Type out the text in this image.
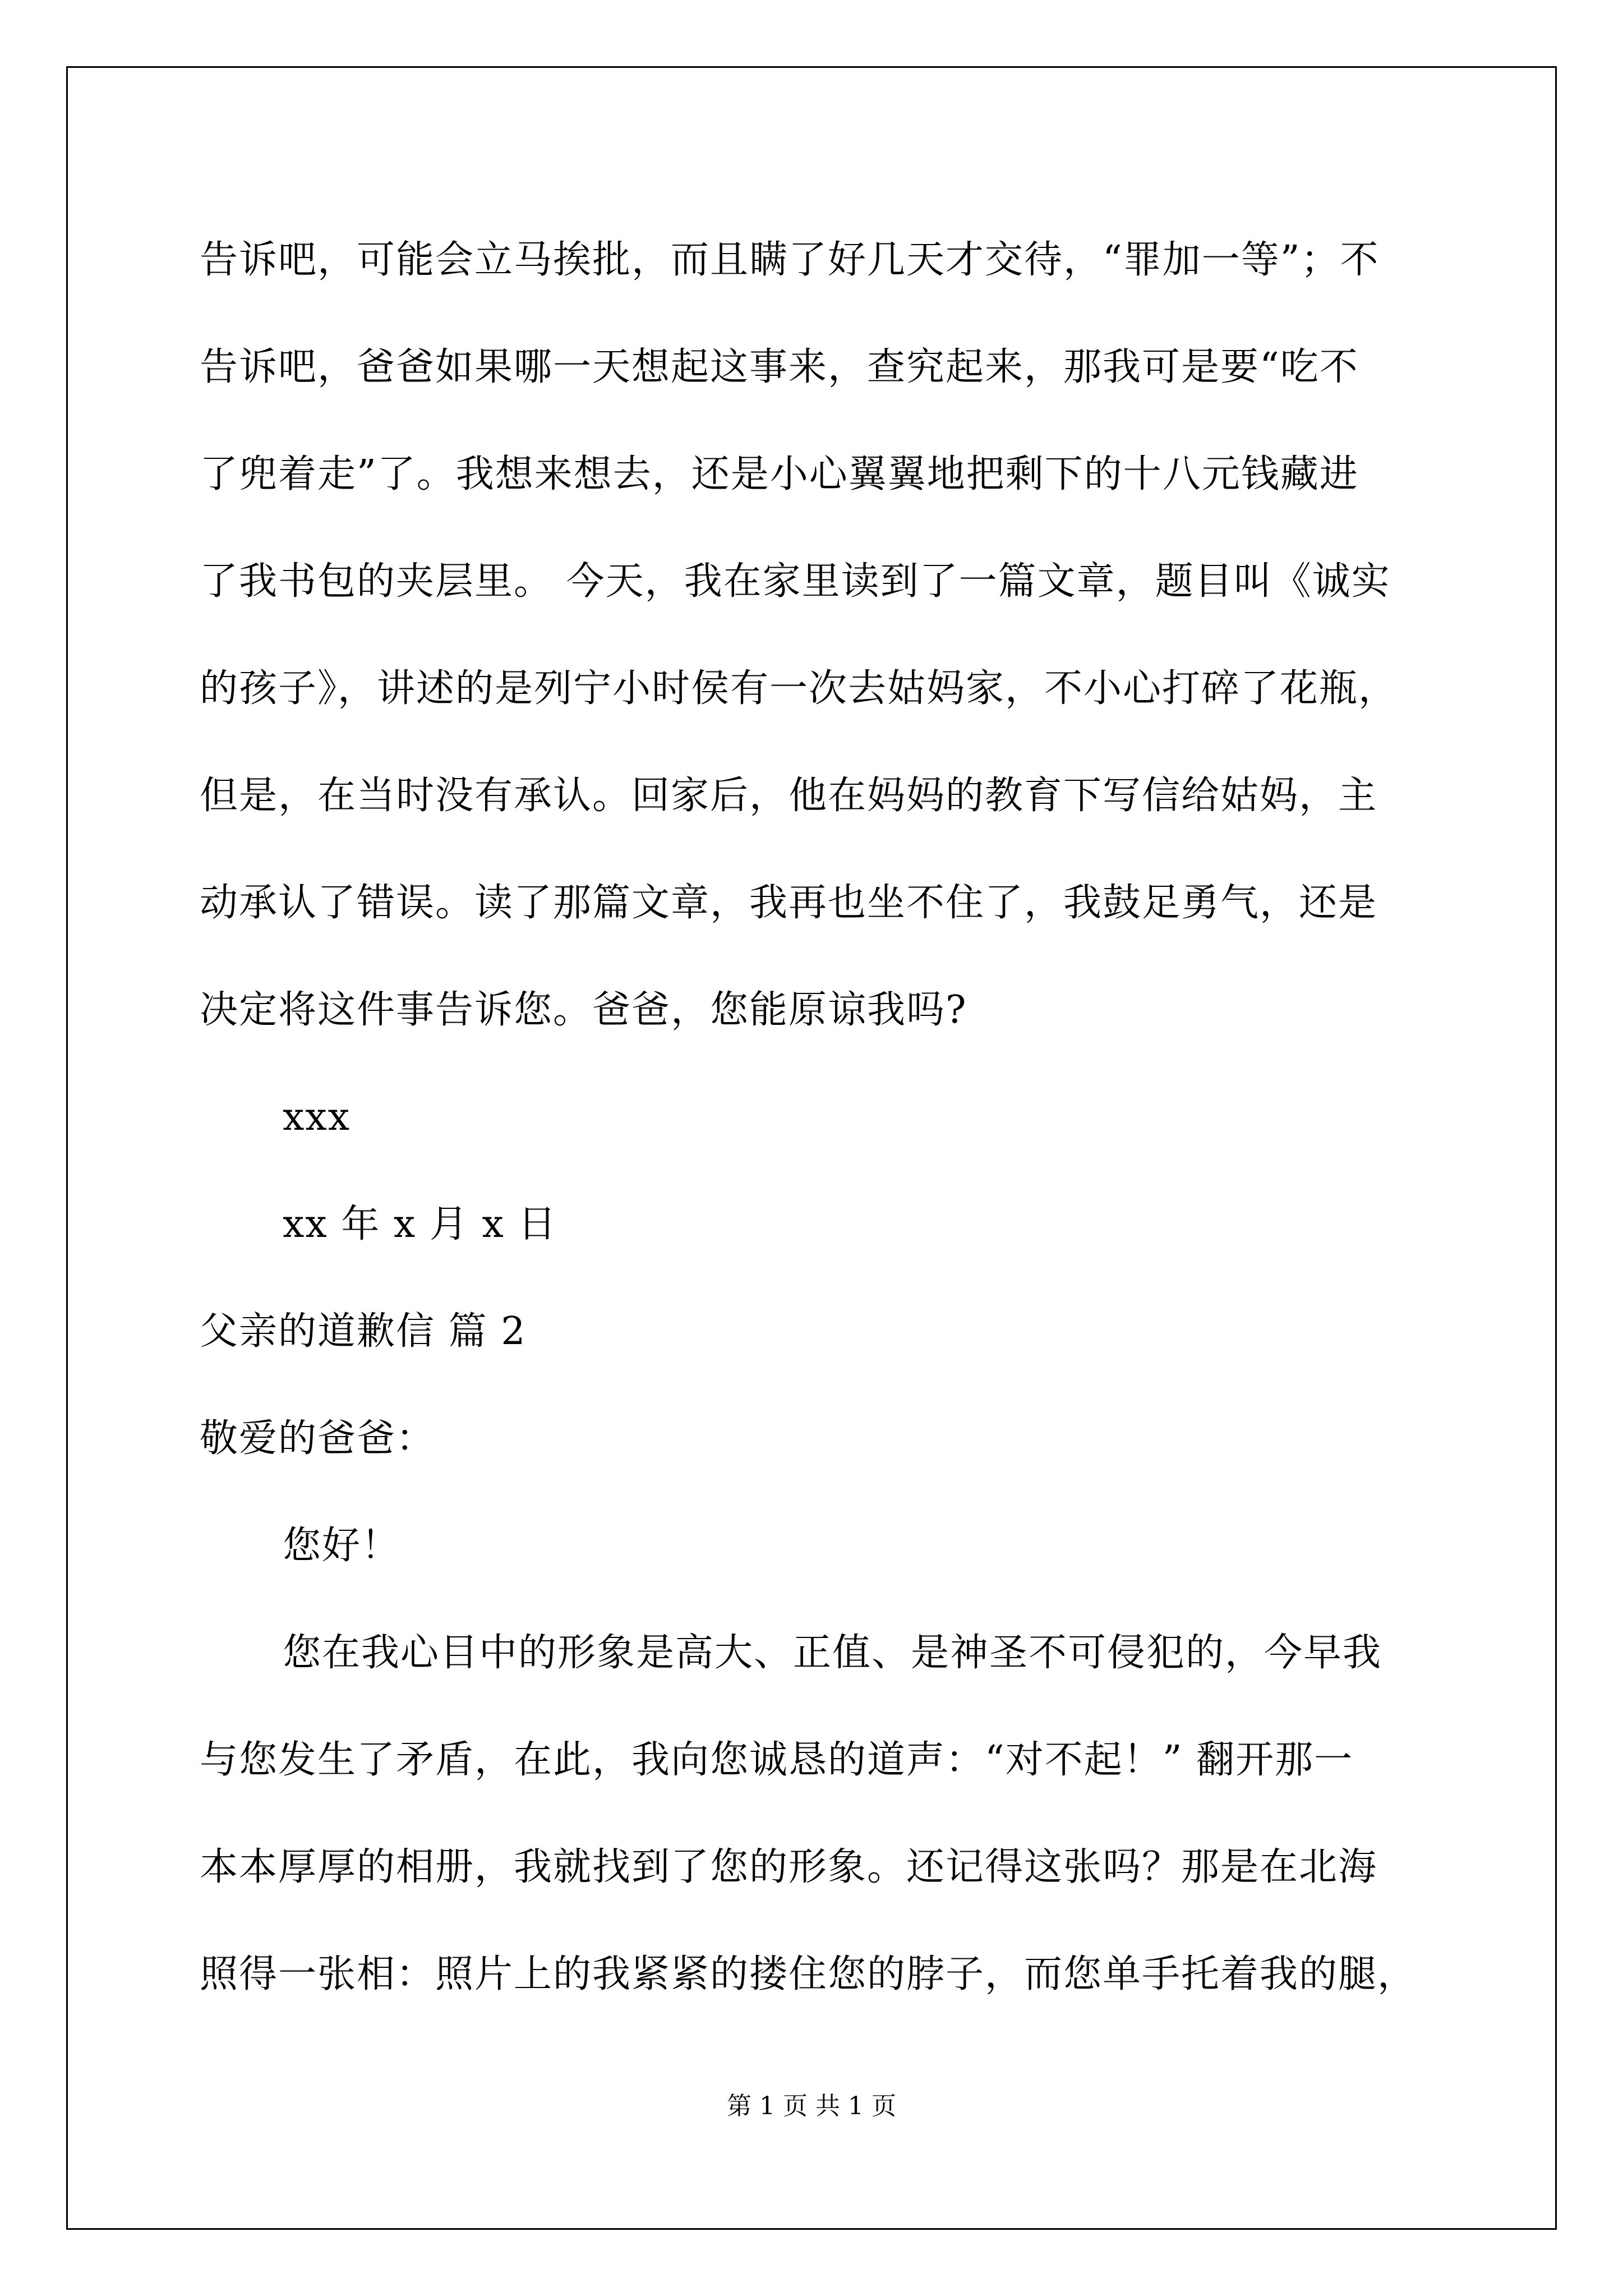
告诉吧，可能会立马挨批，而且瞒了好几天才交待，“罪加一等”；不
告诉吧，爸爸如果哪一天想起这事来，查究起来，那我可是要“吃不
了兜着走”了。我想来想去，还是小心翼翼地把剩下的十八元钱藏进
了我书包的夹层里。 今天，我在家里读到了一篇文章，题目叫《诚实
的孩子》，讲述的是列宁小时侯有一次去姑妈家，不小心打碎了花瓶，
但是，在当时没有承认。回家后，他在妈妈的教育下写信给姑妈，主
动承认了错误。读了那篇文章，我再也坐不住了，我鼓足勇气，还是
决定将这件事告诉您。爸爸，您能原谅我吗?
xxx
xx 年 x 月 x 日
父亲的道歉信 篇 2
敬爱的爸爸：
您好！
您在我心目中的形象是高大、正值、是神圣不可侵犯的，今早我
与您发生了矛盾，在此，我向您诚恳的道声：“对不起！” 翻开那一
本本厚厚的相册，我就找到了您的形象。还记得这张吗？那是在北海
照得一张相：照片上的我紧紧的搂住您的脖子，而您单手托着我的腿，
第 1 页 共 1 页
